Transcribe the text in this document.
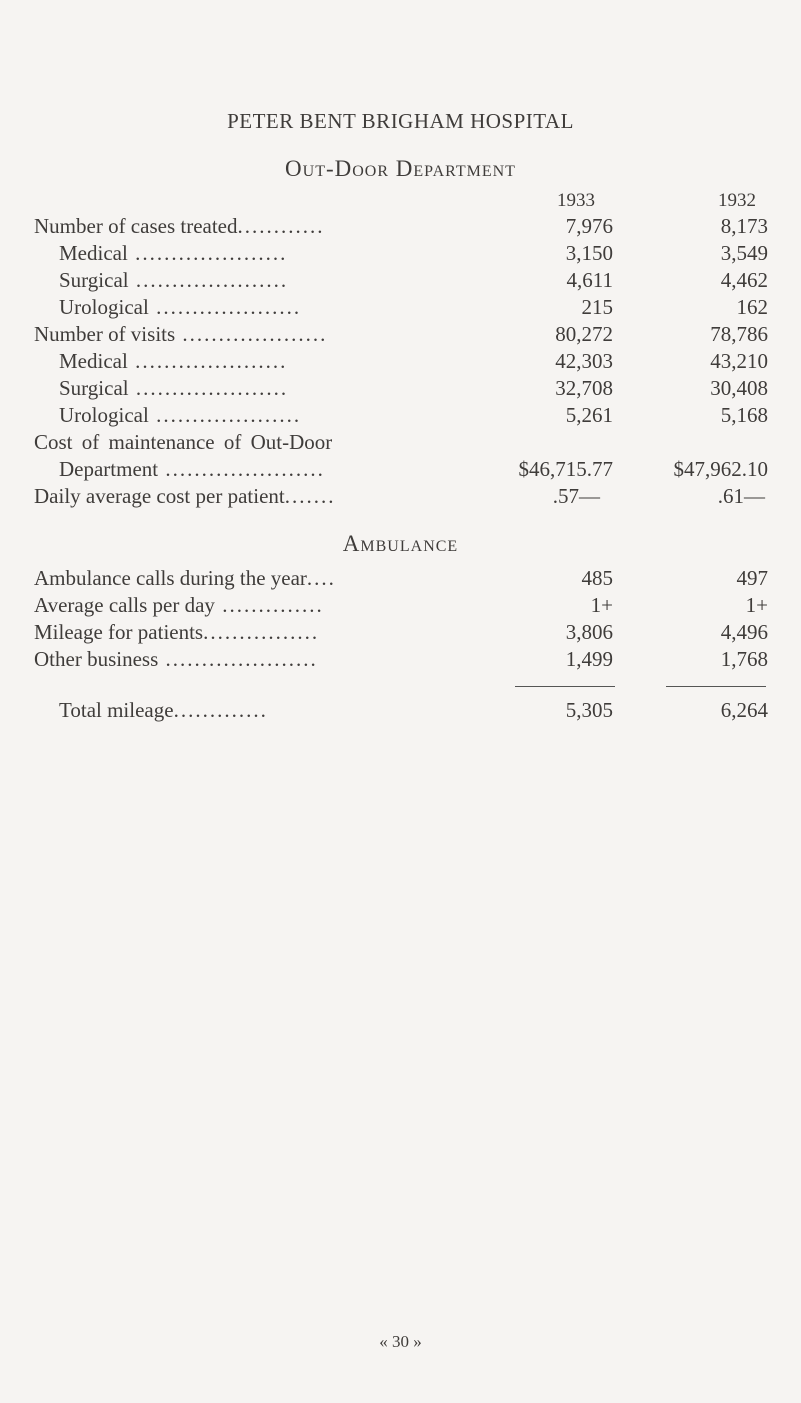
PETER BENT BRIGHAM HOSPITAL
Out-Door Department
1933	1932
Number of cases treated............	7,976	8,173
Medical .....................	3,150	3,549
Surgical .....................	4,611	4,462
Urological ....................	215	162
Number of visits ....................	80,272	78,786
Medical .....................	42,303	43,210
Surgical .....................	32,708	30,408
Urological ....................	5,261	5,168
Cost of maintenance of Out-Door
Department ......................	$46,715.77	$47,962.10
Daily average cost per patient.......	.57—	.61—
Ambulance
Ambulance calls during the year....	485	497
Average calls per day ..............	1+	1+
Mileage for patients................	3,806	4,496
Other business .....................	1,499	1,768
Total mileage.............	5,305	6,264
« 30 »
